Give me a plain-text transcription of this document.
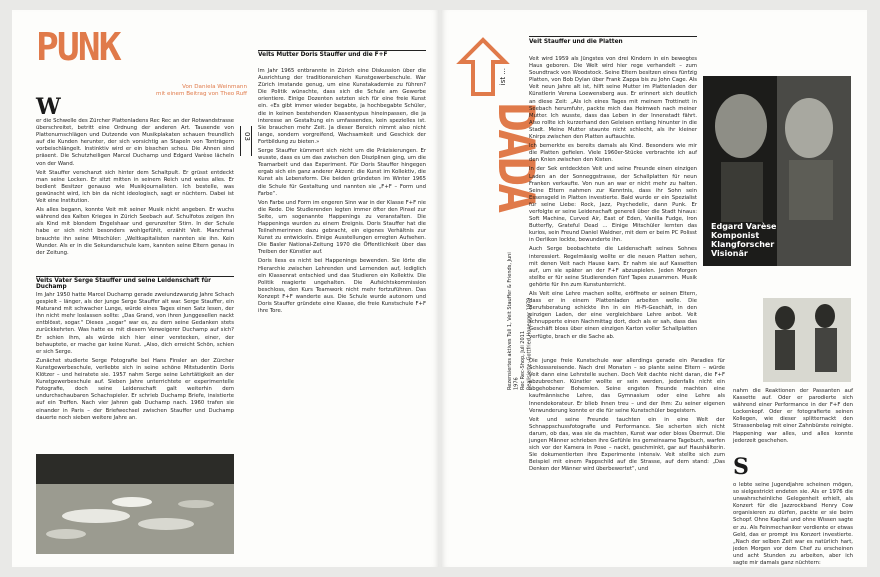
PUNK
Von Daniela Weinmann
mit einem Beitrag von Theo Ruff
03
W

er die Schwelle des Zürcher Plattenladens Rec Rec an der Rotwandstrasse überschreitet, betritt eine Ordnung der anderen Art. Tausende von Plattenumschlägen und Dutzende von Musikplakaten schauen freundlich auf die Kunden herunter, der sich vorsichtig an Stapeln von Tonträgern vorbeischlängelt. Instinktiv wird er ein bisschen scheu. Die Ahnen sind präsent. Die Schutzheiligen Marcel Duchamp und Edgard Varèse lächeln von der Wand.

Veit Stauffer verschanzt sich hinter dem Schaltpult. Er grüsst entdeckt man seine Locken. Er sitzt mitten in seinem Reich und weiss alles. Er bedient Besitzer genauso wie Musikjournalisten. Ich bestelle, was gewünscht wird, ich bin da nicht ideologisch, sagt er nüchtern. Dabei ist Veit eine Institution.

Als alles begann, konnte Veit mit seiner Musik nicht angeben. Er wuchs während des Kalten Krieges in Zürich Seebach auf. Schulfotos zeigen ihn als Kind mit blondem Engelshaar und gerunzelter Stirn. In der Schule habe er sich nicht besonders wohlgefühlt, erzählt Veit. Manchmal brauchte ihn seine Mitschüler: „Weltkapitalisten nannten sie ihn. Kein Wunder. Als er in die Sekundarschule kam, kannten seine Eltern genau in der Zeitung.

Veits Vater Serge Stauffer und seine Leidenschaft für Duchamp

Im Jahr 1950 hatte Marcel Duchamp gerade zweiundzwanzig Jahre Schach gespielt – länger, als der junge Serge Stauffer alt war. Serge Stauffer, ein Maturand mit schwacher Lunge, würde eines Tages einen Satz lesen, der ihn nicht mehr loslassen sollte: „Das Grand, von ihren Junggesellen nackt entblösst, sogar." Dieses „sogar" war es, zu dem seine Gedanken stets zurückkehrten. Was hatte es mit diesem Verweigerer Duchamp auf sich? Er schien ihm, als würde sich hier einer verstecken, einer, der behauptete, er mache gar keine Kunst. „Also, dich erreicht Schön, schien er sich Serge.

Zunächst studierte Serge Fotografie bei Hans Finsler an der Zürcher Kunstgewerbeschule, verliebte sich in seine schöne Mitstudentin Doris Klötzer – und heiratete sie. 1957 nahm Serge seine Lehrtätigkeit an der Kunstgewerbeschule auf. Sieben Jahre unterrichtete er experimentelle Fotografie, doch seine Leidenschaft galt weiterhin dem undurchschaubaren Schachspieler. Er schrieb Duchamp Briefe, insistierte auf ein Treffen. Nach vier Jahren gab Duchamp nach. 1960 trafen sie einander in Paris – der Briefwechsel zwischen Stauffer und Duchamp dauerte noch sieben weitere Jahre an.

Veits Mutter Doris Stauffer und die F+F

Im Jahr 1965 entbrannte in Zürich eine Diskussion über die Ausrichtung der traditionsreichen Kunstgewerbeschule. War Zürich imstande genug, um eine Kunstakademie zu führen? Die Politik wünschte, dass sich die Schule am Gewerbe orientiere. Einige Dozenten setzten sich für eine freie Kunst ein. «Es gibt immer wieder begabte, ja hochbegabte Schüler, die in keinen bestehenden Klassentypus hineinpassen, die ja interesse an Gestaltung ein umfassendes, kein spezielles ist. Sie brauchen mehr Zeit. Ja dieser Bereich nimmt also nicht lange, sondern vorgreifend, Wachsamkeit und Geschick der Fortbildung zu bieten.»

Serge Stauffer kümmert sich nicht um die Präzisierungen. Er wusste, dass es um das zwischen den Disziplinen ging, um die Teamarbeit und das Experiment. Für Doris Stauffer hingegen ergab sich ein ganz anderer Akzent: die Kunst im Kollektiv, die Kunst als Lebensform. Die beiden gründeten im Winter 1965 die Schule für Gestaltung und nannten sie „F+F – Form und Farbe“.

Von Farbe und Form im engeren Sinn war in der Klasse F+F nie die Rede. Die Studierenden legten immer öfter den Pinsel zur Seite, um sogenannte Happenings zu veranstalten. Die Happenings wurden zu einem Ereignis. Doris Stauffer hat die Teilnehmerinnen dazu gebracht, ein eigenes Verhältnis zur Kunst zu entwickeln. Einige Ausstellungen erregten Aufsehen. Die Basler National-Zeitung 1970 die Öffentlichkeit über das Treiben der Künstler auf.

Doris liess es nicht bei Happenings bewenden. Sie lörte die Hierarchie zwischen Lehrenden und Lernenden auf, lediglich ein Klassenrat entschied und das Studieren ein Kollektiv. Die Politik reagierte ungehalten. Die Aufsichtskommission beschloss, den Kurs Teamwork nicht mehr fortzuführen. Das Konzept F+F wanderte aus. Die Schule wurde autonom und Doris Stauffer gründete eine Klasse, die freie Kunstschule F+F ihre Tore.

DADA
ist ...
Rezensiertes aktives Tuli 1, Veit Stauffer & Friends, Juni 1976 Rec Rec-Shop, Juli 2011 Realisierte: Gottfried Honegger 1979
Veit Stauffer und die Platten

Veit wird 1959 als Jüngstes von drei Kindern in ein bewegtes Haus geboren. Die Welt wird hier rege verhandelt – zum Soundtrack von Woodstock. Seine Eltern besitzen eines fünfzig Platten, von Bob Dylan über Frank Zappa bis zu John Cage. Als Veit neun Jahre alt ist, hilft seine Mutter im Plattenladen der Künstlerin Verena Loewensberg aus. Er erinnert sich deutlich an diese Zeit: „Als ich eines Tages mit meinem Trottinett in Seebach herumfuhr, packte mich das Heimweh nach meiner Mutter. Ich wusste, dass das Leben in der Innenstadt fährt. Also rollte ich kurzerhand den Geleisen entlang hinunter in die Stadt. Meine Mutter staunte nicht schlecht, als ihr kleiner Knirps zwischen den Platten auftauchte.

Ich bemerkte es bereits damals als Kind. Besonders wie mir die Platten gefielen. Viele 1960er-Stücke verbrachte ich auf den Knien zwischen den Kisten.

In der Sek entdeckten Veit und seine Freunde einen einzigen Laden an der Sonneggstrasse, der Schallplatten für neun Franken verkaufte. Von nun an war er nicht mehr zu halten. Seine Eltern nahmen zur Kenntnis, dass ihr Sohn sein Essensgeld in Platten investierte. Bald wurde er ein Spezialist für seine Liebe: Rock, Jazz, Psychedelic, dann Punk. Er verfolgte er seine Leidenschaft generell über die Stadt hinaus: Soft Machine, Curved Air, East of Eden, Vanilla Fudge, Iron Butterfly, Grateful Dead ... Einige Mitschüler lernten das kurios, sein Freund Daniel Waldner, mit dem er beim PC Polisst in Oerlikon lockte, bewunderte ihn.

Auch Serge beobachtete die Leidenschaft seines Sohnes interessiert. Regelmässig wollte er die neuen Platten sehen, mit denen Veit nach Hause kam. Er nahm sie auf Kassetten auf, um sie später an der F+F abzuspielen. Jeden Morgen stellte er für seine Studierenden fünf Tapes zusammen. Musik gehörte für ihn zum Kunstunterricht.

Als Veit eine Lehre machen sollte, eröffnete er seinen Eltern, dass er in einem Plattenladen arbeiten wolle. Die Berufsberatung schickte ihn in ein Hi-Fi-Geschäft, in den einzigen Laden, der eine vergleichbare Lehre anbot. Veit schnupperte einen Nachmittag dort, doch als er sah, dass das Geschäft bloss über einen einzigen Karton voller Schallplatten verfügte, brach er die Sache ab.

Edgard Varèse
Komponist
Klangforscher
Visionär

Die junge freie Kunstschule war allerdings gerade ein Paradies für Schlosssreisende. Nach drei Monaten – so plante seine Eltern – würde Veit dann eine Lehrstelle suchen. Doch Veit dachte nicht daran, die F+F abzubrechen. Künstler wollte er sein werden, jedenfalls nicht ein abgehobener Bohemien. Seine engsten Freunde machten eine kaufmännische Lehre, das Gymnasium oder eine Lehre als Innendekorateur. Er blieb ihnen treu – und der ihm: Zu seiner eigenen Verwunderung konnte er die für seine Kunstschüler begeistern.

Veit und seine Freunde tauchten ein in eine Welt der Schnappschussfotografie und Performance. Sie scherten sich nicht darum, ob das, was sie da machten, Kunst war oder bloss Übermut. Die jungen Männer schrieben ihre Gefühle ins gemeinsame Tagebuch, warfen sich vor der Kamera in Pose – nackt, geschminkt, gar auf Haushälterin. Sie dokumentierten ihre Experimente intensiv. Veit stellte sich zum Beispiel mit einem Pappschild auf die Strasse, auf dem stand: „Das Denken der Männer wird überbewertet“, und

nahm die Reaktionen der Passanten auf Kassette auf. Oder er parodierte sich während einer Performance in der F+F den Lockenkopf. Oder er fotografierte seinen Kollegen, wie dieser splitternackt den Strassenbelag mit einer Zahnbürste reinigte. Happening war alles, und alles konnte jederzeit geschehen.
S
o lebte seine Jugendjahre scheinen mögen, so sielgestrickt endeten sie. Als er 1976 die unwahrscheinliche Gelegenheit erhielt, als Konzert für die Jazzrockband Henry Cow organisieren zu dürfen, packte er sie beim Schopf. Ohne Kapital und ohne Wissen sagte er zu. Als Feinmechaniker verdiente er etwas Geld, das er prompt ins Konzert investierte. „Nach der selben Zeit war es natürlich hart, jeden Morgen vor dem Chef zu erscheinen und acht Stunden zu arbeiten, aber ich sagte mir damals ganz nüchtern:
